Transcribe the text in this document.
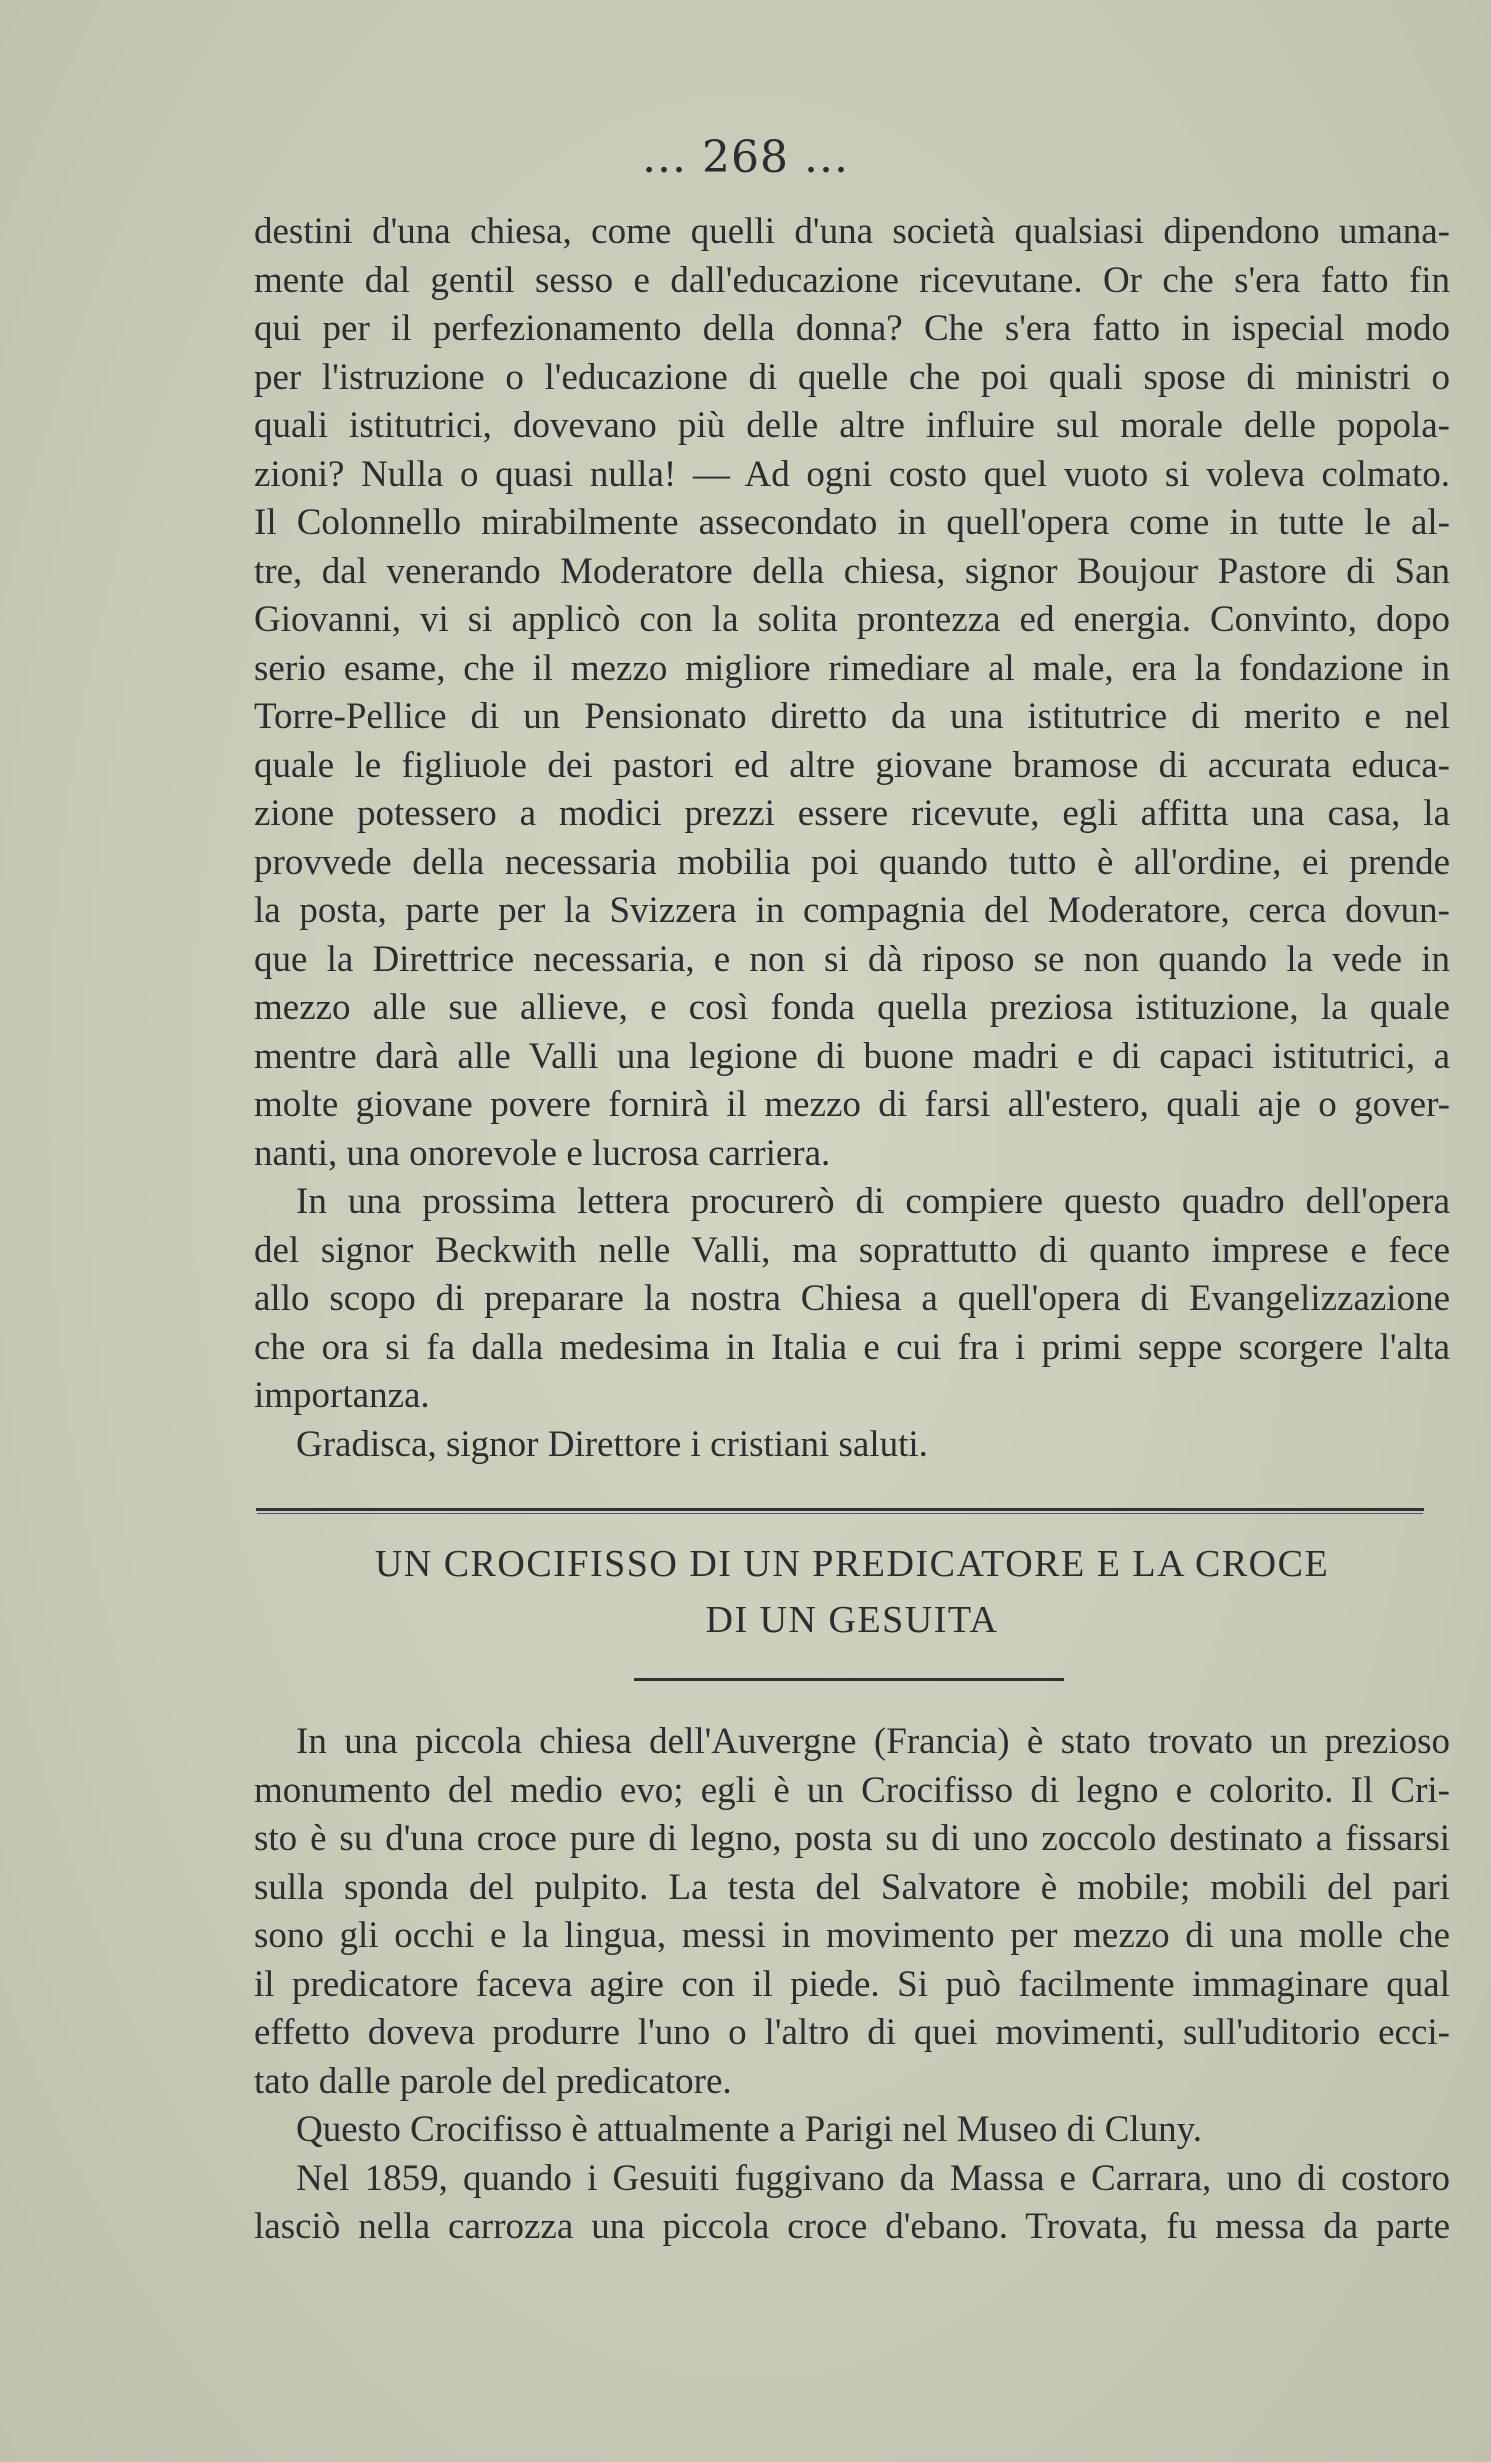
... 268 ...
destini d'una chiesa, come quelli d'una società qualsiasi dipendono umana-
mente dal gentil sesso e dall'educazione ricevutane. Or che s'era fatto fin
qui per il perfezionamento della donna? Che s'era fatto in ispecial modo
per l'istruzione o l'educazione di quelle che poi quali spose di ministri o
quali istitutrici, dovevano più delle altre influire sul morale delle popola-
zioni? Nulla o quasi nulla! — Ad ogni costo quel vuoto si voleva colmato.
Il Colonnello mirabilmente assecondato in quell'opera come in tutte le al-
tre, dal venerando Moderatore della chiesa, signor Boujour Pastore di San
Giovanni, vi si applicò con la solita prontezza ed energia. Convinto, dopo
serio esame, che il mezzo migliore rimediare al male, era la fondazione in
Torre-Pellice di un Pensionato diretto da una istitutrice di merito e nel
quale le figliuole dei pastori ed altre giovane bramose di accurata educa-
zione potessero a modici prezzi essere ricevute, egli affitta una casa, la
provvede della necessaria mobilia poi quando tutto è all'ordine, ei prende
la posta, parte per la Svizzera in compagnia del Moderatore, cerca dovun-
que la Direttrice necessaria, e non si dà riposo se non quando la vede in
mezzo alle sue allieve, e così fonda quella preziosa istituzione, la quale
mentre darà alle Valli una legione di buone madri e di capaci istitutrici, a
molte giovane povere fornirà il mezzo di farsi all'estero, quali aje o gover-
nanti, una onorevole e lucrosa carriera.
In una prossima lettera procurerò di compiere questo quadro dell'opera
del signor Beckwith nelle Valli, ma soprattutto di quanto imprese e fece
allo scopo di preparare la nostra Chiesa a quell'opera di Evangelizzazione
che ora si fa dalla medesima in Italia e cui fra i primi seppe scorgere l'alta
importanza.
Gradisca, signor Direttore i cristiani saluti.
UN CROCIFISSO DI UN PREDICATORE E LA CROCE
DI UN GESUITA
In una piccola chiesa dell'Auvergne (Francia) è stato trovato un prezioso
monumento del medio evo; egli è un Crocifisso di legno e colorito. Il Cri-
sto è su d'una croce pure di legno, posta su di uno zoccolo destinato a fissarsi
sulla sponda del pulpito. La testa del Salvatore è mobile; mobili del pari
sono gli occhi e la lingua, messi in movimento per mezzo di una molle che
il predicatore faceva agire con il piede. Si può facilmente immaginare qual
effetto doveva produrre l'uno o l'altro di quei movimenti, sull'uditorio ecci-
tato dalle parole del predicatore.
Questo Crocifisso è attualmente a Parigi nel Museo di Cluny.
Nel 1859, quando i Gesuiti fuggivano da Massa e Carrara, uno di costoro
lasciò nella carrozza una piccola croce d'ebano. Trovata, fu messa da parte
